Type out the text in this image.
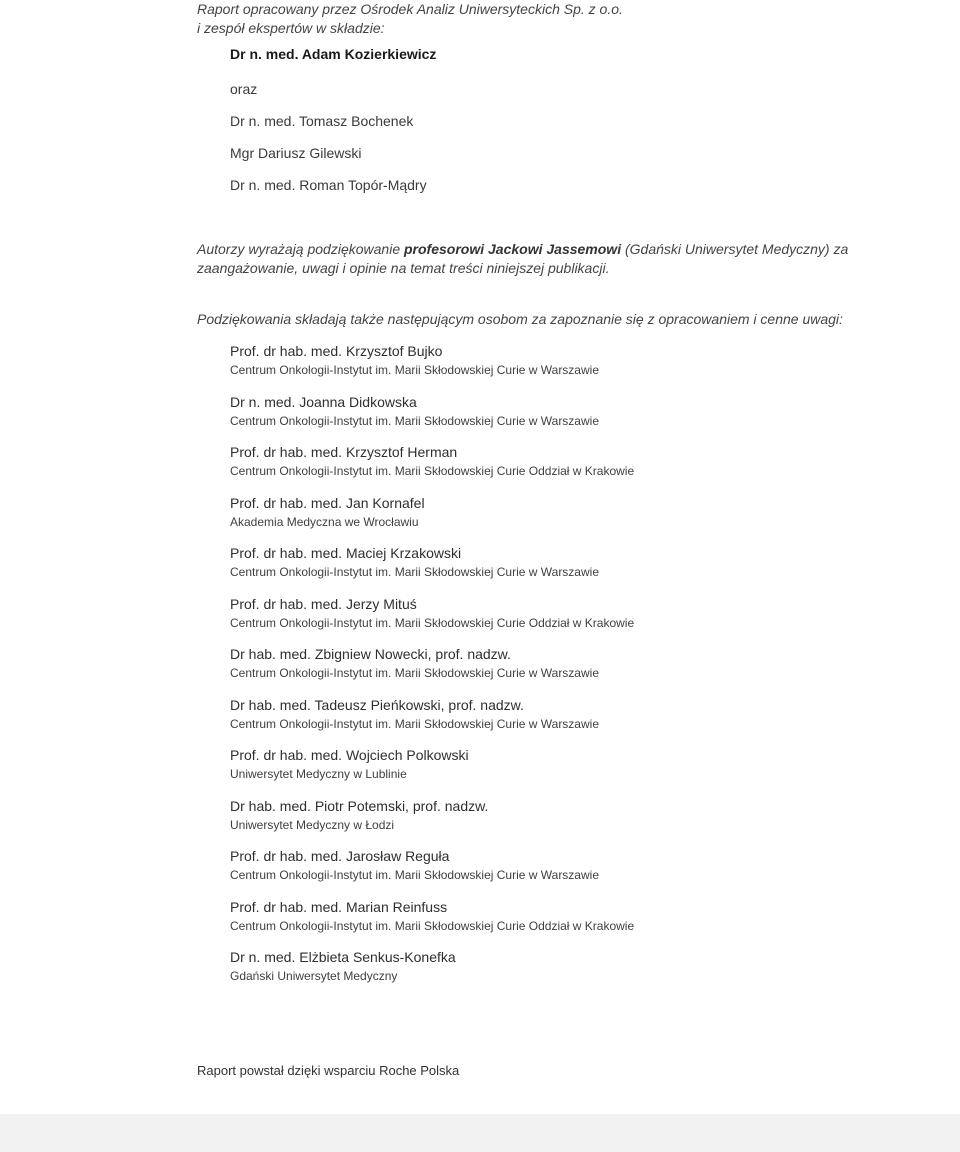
Raport opracowany przez Ośrodek Analiz Uniwersyteckich Sp. z o.o.
i zespół ekspertów w składzie:
Dr n. med. Adam Kozierkiewicz
oraz
Dr n. med. Tomasz Bochenek
Mgr Dariusz Gilewski
Dr n. med. Roman Topór-Mądry
Autorzy wyrażają podziękowanie profesorowi Jackowi Jassemowi (Gdański Uniwersytet Medyczny) za zaangażowanie, uwagi i opinie na temat treści niniejszej publikacji.
Podziękowania składają także następującym osobom za zapoznanie się z opracowaniem i cenne uwagi:
Prof. dr hab. med. Krzysztof Bujko
Centrum Onkologii-Instytut im. Marii Skłodowskiej Curie w Warszawie
Dr n. med. Joanna Didkowska
Centrum Onkologii-Instytut im. Marii Skłodowskiej Curie w Warszawie
Prof. dr hab. med. Krzysztof Herman
Centrum Onkologii-Instytut im. Marii Skłodowskiej Curie Oddział w Krakowie
Prof. dr hab. med. Jan Kornafel
Akademia Medyczna we Wrocławiu
Prof. dr hab. med. Maciej Krzakowski
Centrum Onkologii-Instytut im. Marii Skłodowskiej Curie w Warszawie
Prof. dr hab. med. Jerzy Mituś
Centrum Onkologii-Instytut im. Marii Skłodowskiej Curie Oddział w Krakowie
Dr hab. med. Zbigniew Nowecki, prof. nadzw.
Centrum Onkologii-Instytut im. Marii Skłodowskiej Curie w Warszawie
Dr hab. med. Tadeusz Pieńkowski, prof. nadzw.
Centrum Onkologii-Instytut im. Marii Skłodowskiej Curie w Warszawie
Prof. dr hab. med. Wojciech Polkowski
Uniwersytet Medyczny w Lublinie
Dr hab. med. Piotr Potemski, prof. nadzw.
Uniwersytet Medyczny w Łodzi
Prof. dr hab. med. Jarosław Reguła
Centrum Onkologii-Instytut im. Marii Skłodowskiej Curie w Warszawie
Prof. dr hab. med. Marian Reinfuss
Centrum Onkologii-Instytut im. Marii Skłodowskiej Curie Oddział w Krakowie
Dr n. med. Elżbieta Senkus-Konefka
Gdański Uniwersytet Medyczny
Raport powstał dzięki wsparciu Roche Polska
